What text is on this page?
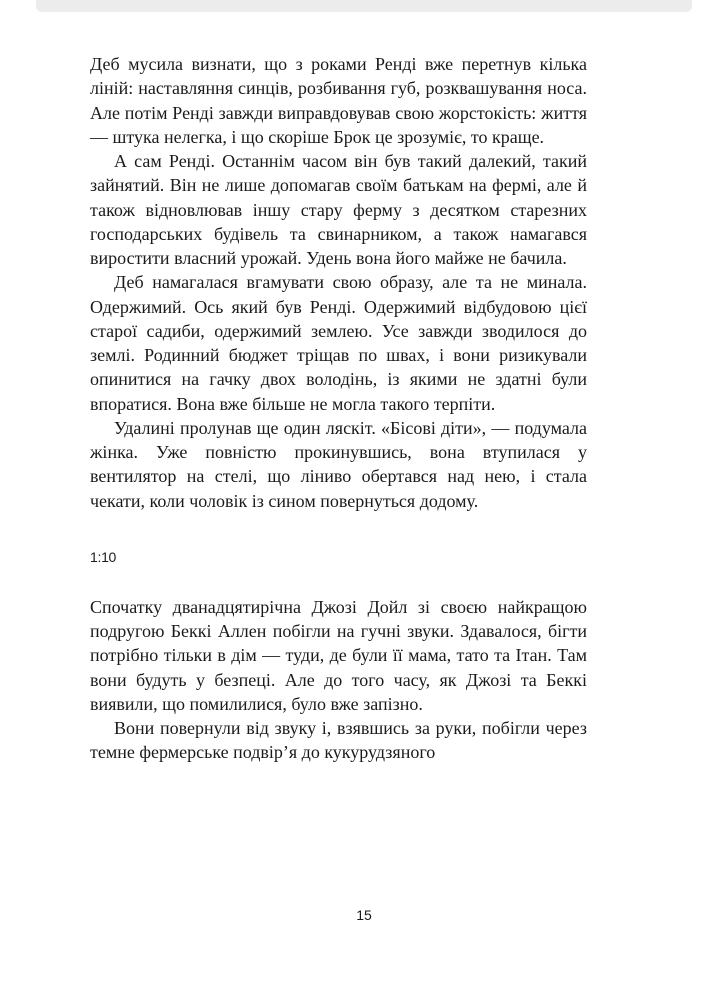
Деб мусила визнати, що з роками Ренді вже перетнув кілька ліній: наставляння синців, розбивання губ, розквашування носа. Але потім Ренді завжди виправдовував свою жорстокість: життя — штука нелегка, і що скоріше Брок це зрозуміє, то краще.

А сам Ренді. Останнім часом він був такий далекий, такий зайнятий. Він не лише допомагав своїм батькам на фермі, але й також відновлював іншу стару ферму з десятком старезних господарських будівель та свинарником, а також намагався виростити власний урожай. Удень вона його майже не бачила.

Деб намагалася вгамувати свою образу, але та не минала. Одержимий. Ось який був Ренді. Одержимий відбудовою цієї старої садиби, одержимий землею. Усе завжди зводилося до землі. Родинний бюджет тріщав по швах, і вони ризикували опинитися на гачку двох володінь, із якими не здатні були впоратися. Вона вже більше не могла такого терпіти.

Удалині пролунав ще один ляскіт. «Бісові діти», — подумала жінка. Уже повністю прокинувшись, вона втупилася у вентилятор на стелі, що ліниво обертався над нею, і стала чекати, коли чоловік із сином повернуться додому.

1:10

Спочатку дванадцятирічна Джозі Дойл зі своєю найкращою подругою Беккі Аллен побігли на гучні звуки. Здавалося, бігти потрібно тільки в дім — туди, де були її мама, тато та Ітан. Там вони будуть у безпеці. Але до того часу, як Джозі та Беккі виявили, що помилилися, було вже запізно.

Вони повернули від звуку і, взявшись за руки, побігли через темне фермерське подвір’я до кукурудзяного

15
